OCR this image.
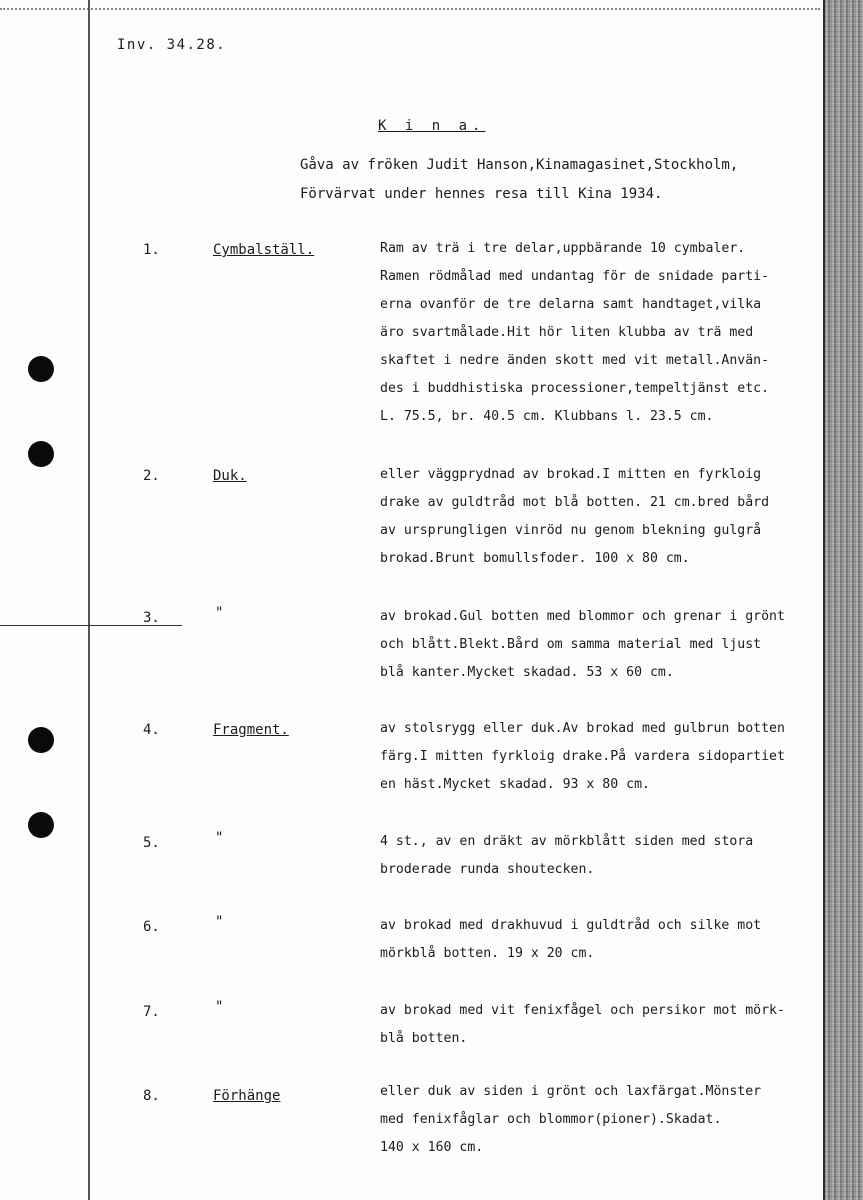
Inv. 34.28.
K i n a.
Gåva av fröken Judit Hanson,Kinamagasinet,Stockholm,
Förvärvat under hennes resa till Kina 1934.
1.	Cymbalställ.	Ram av trä i tre delar,uppbärande 10 cymbaler.
Ramen rödmålad med undantag för de snidade parti-
erna ovanför de tre delarna samt handtaget,vilka
äro svartmålade.Hit hör liten klubba av trä med
skaftet i nedre änden skott med vit metall.Använ-
des i buddhistiska processioner,tempeltjänst etc.
L. 75.5, br. 40.5 cm. Klubbans l. 23.5 cm.
2.	Duk.	eller väggprydnad av brokad.I mitten en fyrkloig
drake av guldtråd mot blå botten. 21 cm.bred bård
av ursprungligen vinröd nu genom blekning gulgrå
brokad.Brunt bomullsfoder. 100 x 80 cm.
3.	"	av brokad.Gul botten med blommor och grenar i grönt
och blått.Blekt.Bård om samma material med ljust
blå kanter.Mycket skadad. 53 x 60 cm.
4.	Fragment.	av stolsrygg eller duk.Av brokad med gulbrun botten
färg.I mitten fyrkloig drake.På vardera sidopartiet
en häst.Mycket skadad. 93 x 80 cm.
5.	"	4 st., av en dräkt av mörkblått siden med stora
broderade runda shoutecken.
6.	"	av brokad med drakhuvud i guldtråd och silke mot
mörkblå botten. 19 x 20 cm.
7.	"	av brokad med vit fenixfågel och persikor mot mörk-
blå botten.
8.	Förhänge	eller duk av siden i grönt och laxfärgat.Mönster
med fenixfåglar och blommor(pioner).Skadat.
140 x 160 cm.
